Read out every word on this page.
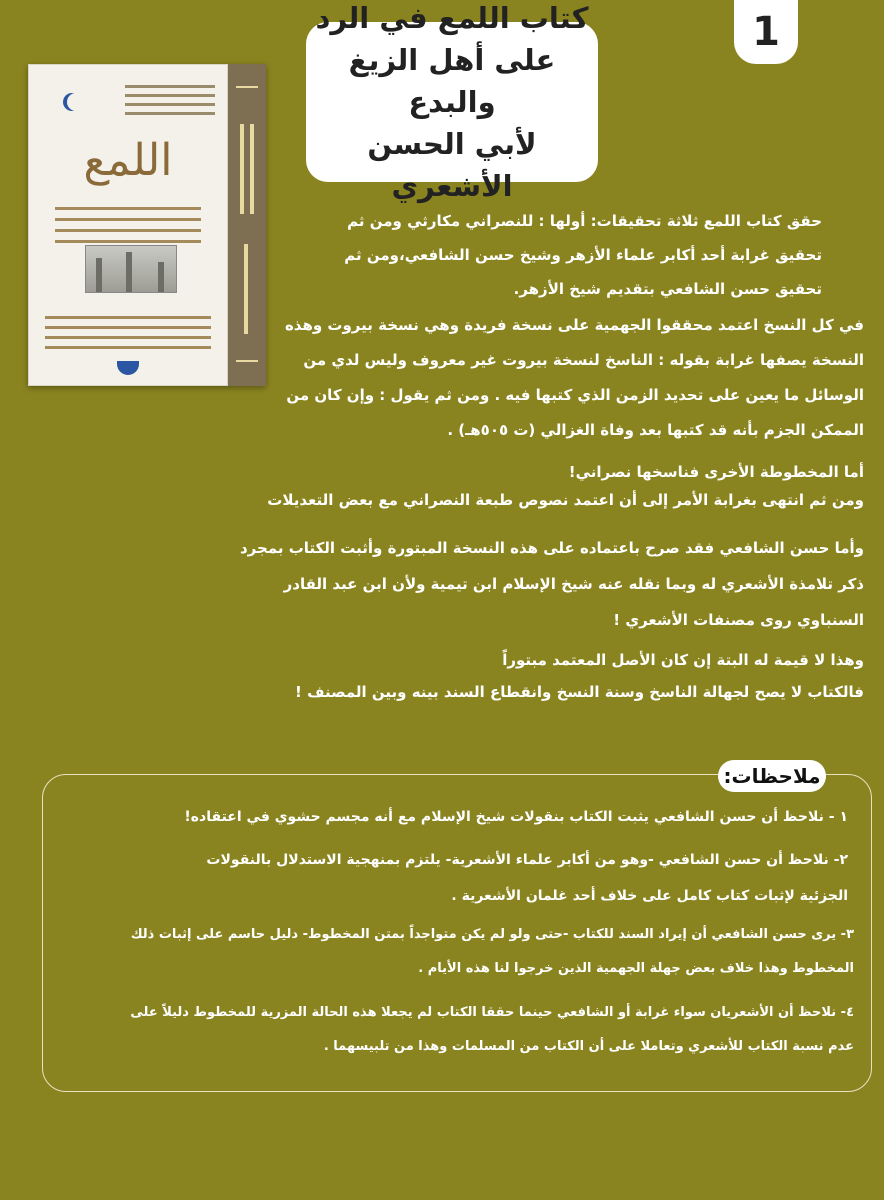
1
كتاب اللمع في الرد
على أهل الزيغ والبدع
لأبي الحسن الأشعري
اللمع
حقق كتاب اللمع ثلاثة تحقيقات: أولها : للنصراني مكارثي ومن ثم
تحقيق غرابة أحد أكابر علماء الأزهر وشيخ حسن الشافعي،ومن ثم
تحقيق حسن الشافعي بتقديم شيخ الأزهر.
في كل النسخ اعتمد محققوا الجهمية على نسخة فريدة وهي نسخة بيروت وهذه
النسخة يصفها غرابة بقوله : الناسخ لنسخة بيروت غير معروف وليس لدي من
الوسائل ما يعين على تحديد الزمن الذي كتبها فيه . ومن ثم يقول : وإن كان من
الممكن الجزم بأنه قد كتبها بعد وفاة الغزالي (ت ٥٠٥هـ) .
أما المخطوطة الأخرى فناسخها نصراني!
ومن ثم انتهى بغرابة الأمر إلى أن اعتمد نصوص طبعة النصراني مع بعض التعديلات
وأما حسن الشافعي فقد صرح باعتماده على هذه النسخة المبتورة وأثبت الكتاب بمجرد
ذكر تلامذة الأشعري له وبما نقله عنه شيخ الإسلام ابن تيمية ولأن ابن عبد القادر
السنباوي روى مصنفات الأشعري !
وهذا لا قيمة له البتة إن كان الأصل المعتمد مبتوراً
فالكتاب لا يصح لجهالة الناسخ وسنة النسخ وانقطاع السند بينه وبين المصنف !
ملاحظات:
١ - نلاحظ أن حسن الشافعي يثبت الكتاب بنقولات شيخ الإسلام مع أنه مجسم حشوي في اعتقاده!
٢- نلاحظ أن حسن الشافعي -وهو من أكابر علماء الأشعرية- يلتزم بمنهجية الاستدلال بالنقولات
الجزئية لإثبات كتاب كامل على خلاف أحد غلمان الأشعرية .
٣- يرى حسن الشافعي أن إيراد السند للكتاب -حتى ولو لم يكن متواجداً بمتن المخطوط- دليل حاسم على إثبات ذلك
المخطوط وهذا خلاف بعض جهلة الجهمية الذين خرجوا لنا هذه الأيام .
٤- نلاحظ أن الأشعريان سواء غرابة أو الشافعي حينما حققا الكتاب لم يجعلا هذه الحالة المزرية للمخطوط دليلاً على
عدم نسبة الكتاب للأشعري وتعاملا على أن الكتاب من المسلمات وهذا من تلبيسهما .
